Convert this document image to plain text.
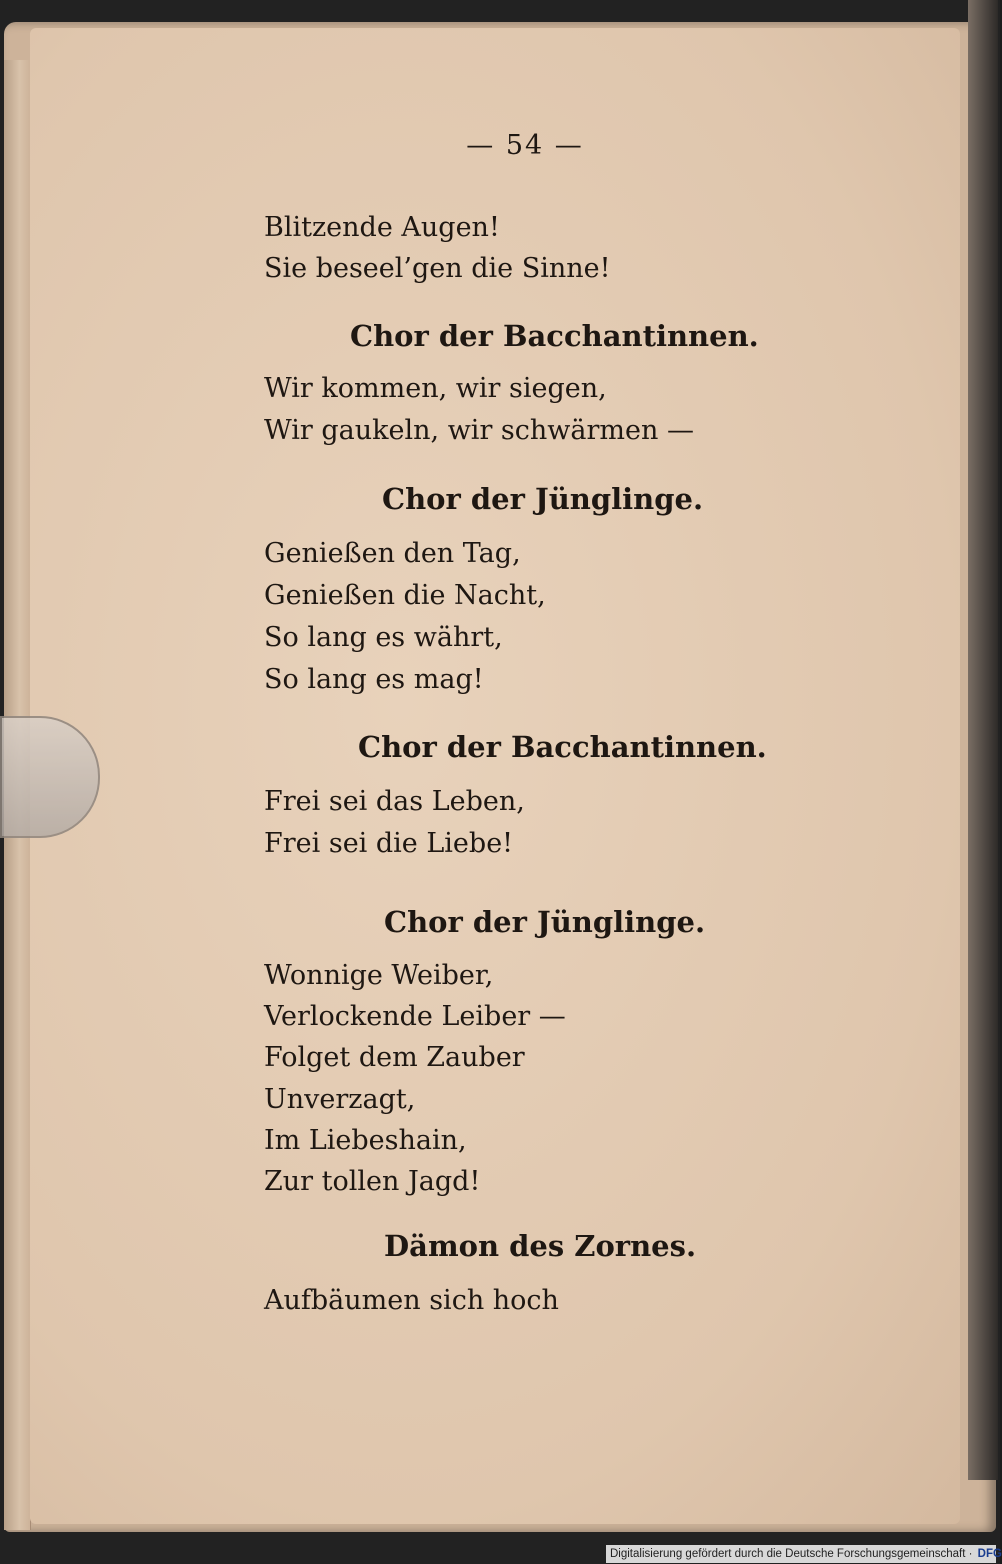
— 54 —
Blitzende Augen!
Sie beseel’gen die Sinne!
Chor der Bacchantinnen.
Wir kommen, wir siegen,
Wir gaukeln, wir schwärmen —
Chor der Jünglinge.
Genießen den Tag,
Genießen die Nacht,
So lang es währt,
So lang es mag!
Chor der Bacchantinnen.
Frei sei das Leben,
Frei sei die Liebe!
Chor der Jünglinge.
Wonnige Weiber,
Verlockende Leiber —
Folget dem Zauber
Unverzagt,
Im Liebeshain,
Zur tollen Jagd!
Dämon des Zornes.
Aufbäumen sich hoch
Digitalisierung gefördert durch die Deutsche Forschungsgemeinschaft · DFG
